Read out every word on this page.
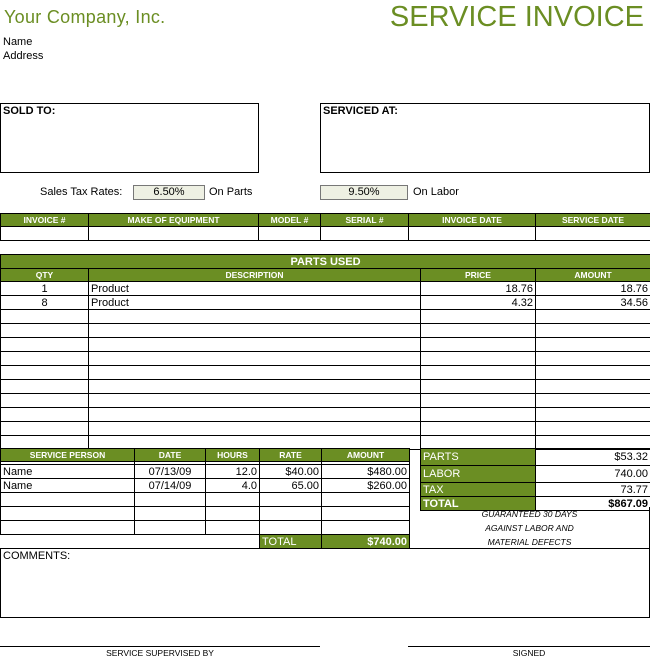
Your Company, Inc.	SERVICE INVOICE
Name
Address
SOLD TO:	SERVICED AT:
Sales Tax Rates:	6.50%	On Parts	9.50%	On Labor
INVOICE #	MAKE OF EQUIPMENT	MODEL #	SERIAL #	INVOICE DATE	SERVICE DATE

PARTS USED			
QTY	DESCRIPTION	PRICE	AMOUNT
1	Product	18.76	18.76
8	Product	4.32	34.56

SERVICE PERSON	DATE	HOURS	RATE	AMOUNT

Name	07/13/09	12.0	$40.00	$480.00
Name	07/14/09	4.0	65.00	$260.00

			TOTAL	$740.00
PARTS	$53.32
LABOR	740.00
TAX	73.77
TOTAL	$867.09
GUARANTEED 30 DAYS
AGAINST LABOR AND
MATERIAL DEFECTS
COMMENTS:
SERVICE SUPERVISED BY	SIGNED
